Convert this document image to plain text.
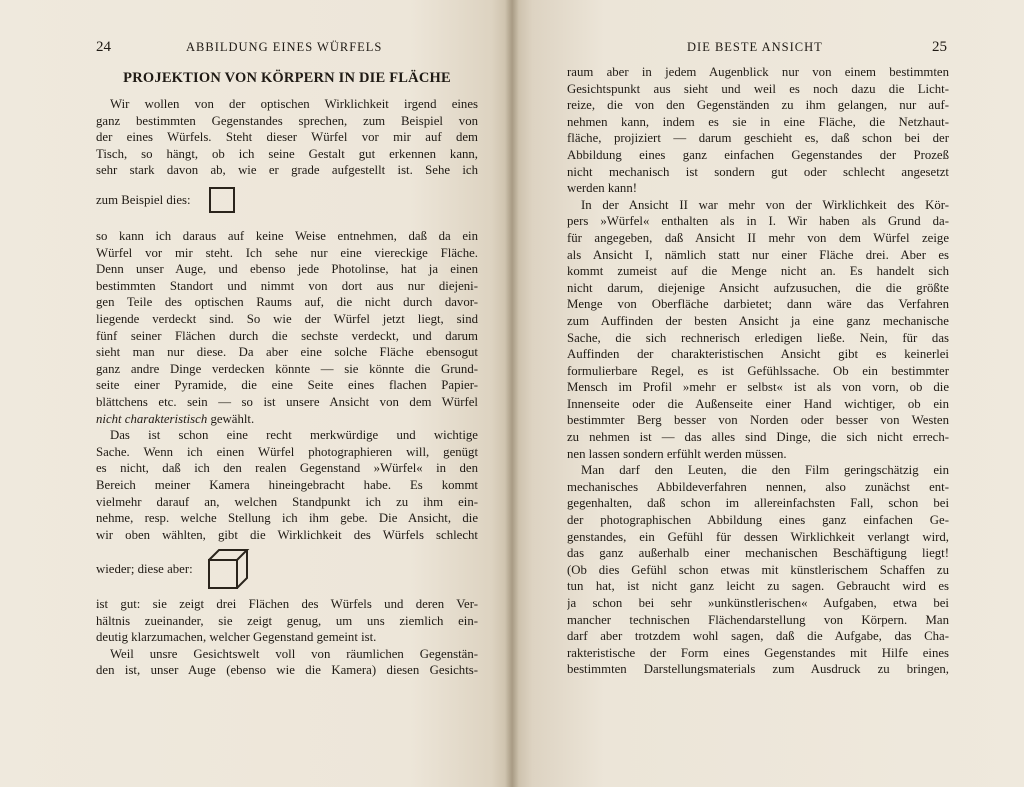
24	ABBILDUNG EINES WÜRFELS
PROJEKTION VON KÖRPERN IN DIE FLÄCHE
Wir wollen von der optischen Wirklichkeit irgend eines
ganz bestimmten Gegenstandes sprechen, zum Beispiel von
der eines Würfels. Steht dieser Würfel vor mir auf dem
Tisch, so hängt, ob ich seine Gestalt gut erkennen kann,
sehr stark davon ab, wie er grade aufgestellt ist. Sehe ich
zum Beispiel dies:
so kann ich daraus auf keine Weise entnehmen, daß da ein
Würfel vor mir steht. Ich sehe nur eine viereckige Fläche.
Denn unser Auge, und ebenso jede Photolinse, hat ja einen
bestimmten Standort und nimmt von dort aus nur diejeni-
gen Teile des optischen Raums auf, die nicht durch davor-
liegende verdeckt sind. So wie der Würfel jetzt liegt, sind
fünf seiner Flächen durch die sechste verdeckt, und darum
sieht man nur diese. Da aber eine solche Fläche ebensogut
ganz andre Dinge verdecken könnte — sie könnte die Grund-
seite einer Pyramide, die eine Seite eines flachen Papier-
blättchens etc. sein — so ist unsere Ansicht von dem Würfel
nicht charakteristisch gewählt.
Das ist schon eine recht merkwürdige und wichtige
Sache. Wenn ich einen Würfel photographieren will, genügt
es nicht, daß ich den realen Gegenstand »Würfel« in den
Bereich meiner Kamera hineingebracht habe. Es kommt
vielmehr darauf an, welchen Standpunkt ich zu ihm ein-
nehme, resp. welche Stellung ich ihm gebe. Die Ansicht, die
wir oben wählten, gibt die Wirklichkeit des Würfels schlecht
wieder; diese aber:
ist gut: sie zeigt drei Flächen des Würfels und deren Ver-
hältnis zueinander, sie zeigt genug, um uns ziemlich ein-
deutig klarzumachen, welcher Gegenstand gemeint ist.
Weil unsre Gesichtswelt voll von räumlichen Gegenstän-
den ist, unser Auge (ebenso wie die Kamera) diesen Gesichts-
DIE BESTE ANSICHT	25
raum aber in jedem Augenblick nur von einem bestimmten
Gesichtspunkt aus sieht und weil es noch dazu die Licht-
reize, die von den Gegenständen zu ihm gelangen, nur auf-
nehmen kann, indem es sie in eine Fläche, die Netzhaut-
fläche, projiziert — darum geschieht es, daß schon bei der
Abbildung eines ganz einfachen Gegenstandes der Prozeß
nicht mechanisch ist sondern gut oder schlecht angesetzt
werden kann!
In der Ansicht II war mehr von der Wirklichkeit des Kör-
pers »Würfel« enthalten als in I. Wir haben als Grund da-
für angegeben, daß Ansicht II mehr von dem Würfel zeige
als Ansicht I, nämlich statt nur einer Fläche drei. Aber es
kommt zumeist auf die Menge nicht an. Es handelt sich
nicht darum, diejenige Ansicht aufzusuchen, die die größte
Menge von Oberfläche darbietet; dann wäre das Verfahren
zum Auffinden der besten Ansicht ja eine ganz mechanische
Sache, die sich rechnerisch erledigen ließe. Nein, für das
Auffinden der charakteristischen Ansicht gibt es keinerlei
formulierbare Regel, es ist Gefühlssache. Ob ein bestimmter
Mensch im Profil »mehr er selbst« ist als von vorn, ob die
Innenseite oder die Außenseite einer Hand wichtiger, ob ein
bestimmter Berg besser von Norden oder besser von Westen
zu nehmen ist — das alles sind Dinge, die sich nicht errech-
nen lassen sondern erfühlt werden müssen.
Man darf den Leuten, die den Film geringschätzig ein
mechanisches Abbildeverfahren nennen, also zunächst ent-
gegenhalten, daß schon im allereinfachsten Fall, schon bei
der photographischen Abbildung eines ganz einfachen Ge-
genstandes, ein Gefühl für dessen Wirklichkeit verlangt wird,
das ganz außerhalb einer mechanischen Beschäftigung liegt!
(Ob dies Gefühl schon etwas mit künstlerischem Schaffen zu
tun hat, ist nicht ganz leicht zu sagen. Gebraucht wird es
ja schon bei sehr »unkünstlerischen« Aufgaben, etwa bei
mancher technischen Flächendarstellung von Körpern. Man
darf aber trotzdem wohl sagen, daß die Aufgabe, das Cha-
rakteristische der Form eines Gegenstandes mit Hilfe eines
bestimmten Darstellungsmaterials zum Ausdruck zu bringen,
